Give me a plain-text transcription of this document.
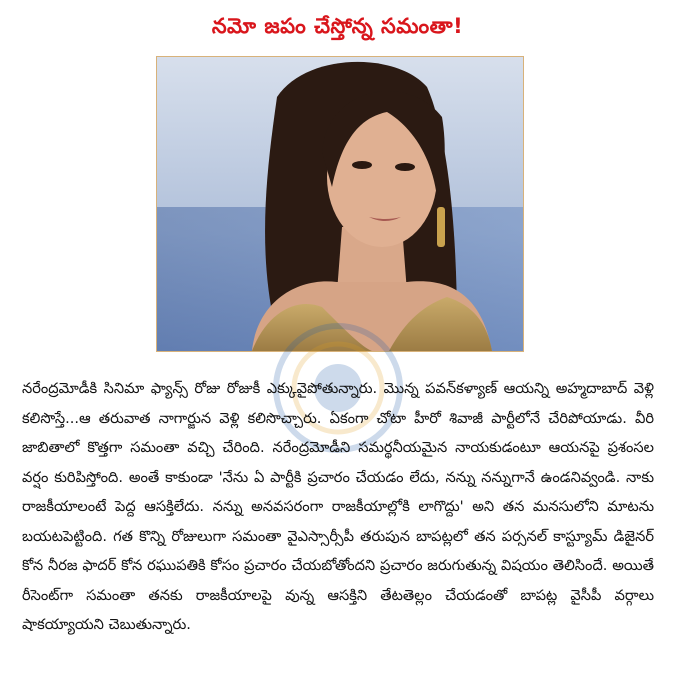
నమో జపం చేస్తోన్న సమంతా!

నరేంద్రమోడీకి సినిమా ఫ్యాన్స్ రోజు రోజుకీ ఎక్కువైపోతున్నారు. మొన్న పవన్‌కళ్యాణ్ ఆయన్ని అహ్మదాబాద్ వెళ్లి కలిసొస్తే...ఆ తరువాత నాగార్జున వెళ్లి కలిసొచ్చారు. ఏకంగా చోటా హీరో శివాజీ పార్టీలోనే చేరిపోయాడు. వీరి జాబితాలో కొత్తగా సమంతా వచ్చి చేరింది. నరేంద్రమోడీని సమర్థనీయమైన నాయకుడంటూ ఆయనపై ప్రశంసల వర్షం కురిపిస్తోంది. అంతే కాకుండా 'నేను ఏ పార్టీకి ప్రచారం చేయడం లేదు, నన్ను నన్నుగానే ఉండనివ్వండి. నాకు రాజకీయాలంటే పెద్ద ఆసక్తిలేదు. నన్ను అనవసరంగా రాజకీయాల్లోకి లాగొద్దు' అని తన మనసులోని మాటను బయటపెట్టింది. గత కొన్ని రోజులుగా సమంతా వైఎస్సార్సీపీ తరుపున బాపట్లలో తన పర్సనల్ కాస్ట్యూమ్ డిజైనర్ కోన నీరజ ఫాదర్ కోన రఘుపతికి కోసం ప్రచారం చేయబోతోందని ప్రచారం జరుగుతున్న విషయం తెలిసిందే. అయితే రీసెంట్‌గా సమంతా తనకు రాజకీయాలపై వున్న ఆసక్తిని తేటతెల్లం చేయడంతో బాపట్ల వైసీపీ వర్గాలు షాకయ్యాయని చెబుతున్నారు.
